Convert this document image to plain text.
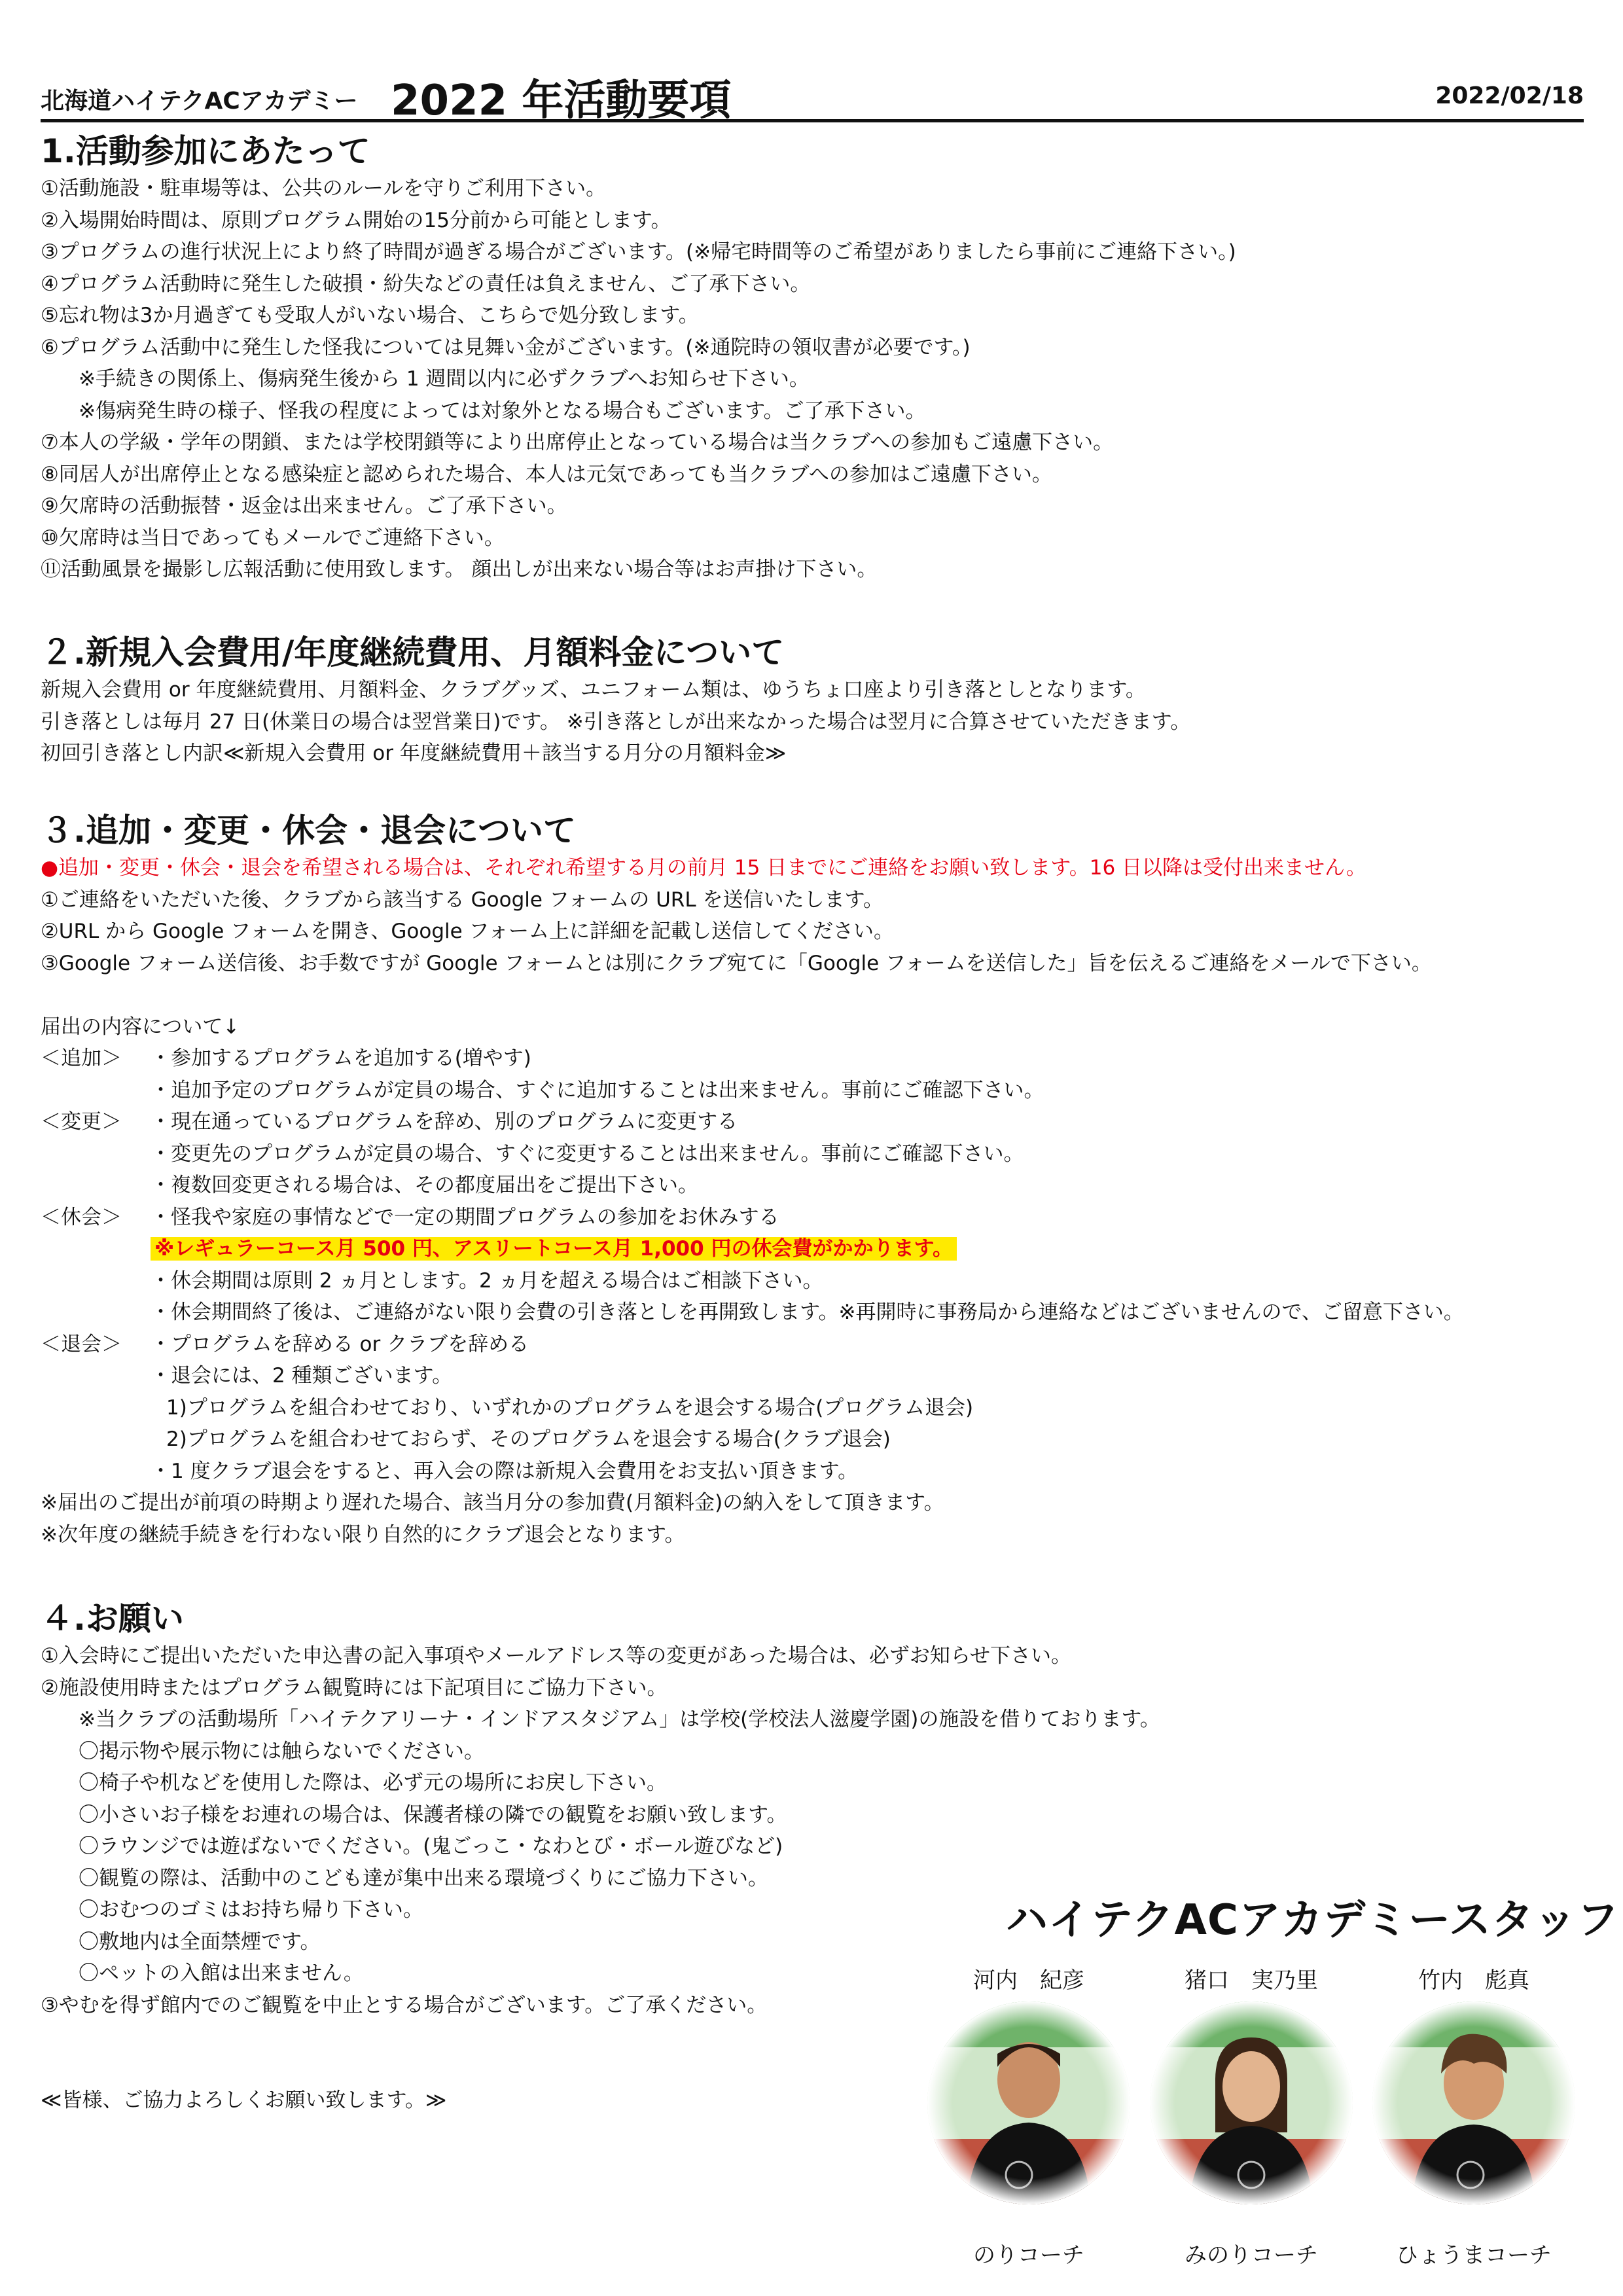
北海道ハイテクACアカデミー 2022 年活動要項	2022/02/18
1.活動参加にあたって

①活動施設・駐車場等は、公共のルールを守りご利用下さい。

②入場開始時間は、原則プログラム開始の15分前から可能とします。

③プログラムの進行状況上により終了時間が過ぎる場合がございます。(※帰宅時間等のご希望がありましたら事前にご連絡下さい。)

④プログラム活動時に発生した破損・紛失などの責任は負えません、ご了承下さい。

⑤忘れ物は3か月過ぎても受取人がいない場合、こちらで処分致します。

⑥プログラム活動中に発生した怪我については見舞い金がございます。(※通院時の領収書が必要です。)

※手続きの関係上、傷病発生後から 1 週間以内に必ずクラブへお知らせ下さい。

※傷病発生時の様子、怪我の程度によっては対象外となる場合もございます。ご了承下さい。

⑦本人の学級・学年の閉鎖、または学校閉鎖等により出席停止となっている場合は当クラブへの参加もご遠慮下さい。

⑧同居人が出席停止となる感染症と認められた場合、本人は元気であっても当クラブへの参加はご遠慮下さい。

⑨欠席時の活動振替・返金は出来ません。ご了承下さい。

⑩欠席時は当日であってもメールでご連絡下さい。

⑪活動風景を撮影し広報活動に使用致します。 顔出しが出来ない場合等はお声掛け下さい。

２.新規入会費用/年度継続費用、月額料金について

新規入会費用 or 年度継続費用、月額料金、クラブグッズ、ユニフォーム類は、ゆうちょ口座より引き落としとなります。

引き落としは毎月 27 日(休業日の場合は翌営業日)です。 ※引き落としが出来なかった場合は翌月に合算させていただきます。

初回引き落とし内訳≪新規入会費用 or 年度継続費用＋該当する月分の月額料金≫

３.追加・変更・休会・退会について

●追加・変更・休会・退会を希望される場合は、それぞれ希望する月の前月 15 日までにご連絡をお願い致します。16 日以降は受付出来ません。

①ご連絡をいただいた後、クラブから該当する Google フォームの URL を送信いたします。

②URL から Google フォームを開き、Google フォーム上に詳細を記載し送信してください。

③Google フォーム送信後、お手数ですが Google フォームとは別にクラブ宛てに「Google フォームを送信した」旨を伝えるご連絡をメールで下さい。

届出の内容について↓

＜追加＞	・参加するプログラムを追加する(増やす)
・追加予定のプログラムが定員の場合、すぐに追加することは出来ません。事前にご確認下さい。
＜変更＞	・現在通っているプログラムを辞め、別のプログラムに変更する
・変更先のプログラムが定員の場合、すぐに変更することは出来ません。事前にご確認下さい。
・複数回変更される場合は、その都度届出をご提出下さい。
＜休会＞	・怪我や家庭の事情などで一定の期間プログラムの参加をお休みする
※レギュラーコース月 500 円、アスリートコース月 1,000 円の休会費がかかります。
・休会期間は原則 2 ヵ月とします。2 ヵ月を超える場合はご相談下さい。
・休会期間終了後は、ご連絡がない限り会費の引き落としを再開致します。※再開時に事務局から連絡などはございませんので、ご留意下さい。
＜退会＞	・プログラムを辞める or クラブを辞める
・退会には、2 種類ございます。
1)プログラムを組合わせており、いずれかのプログラムを退会する場合(プログラム退会)
2)プログラムを組合わせておらず、そのプログラムを退会する場合(クラブ退会)
・1 度クラブ退会をすると、再入会の際は新規入会費用をお支払い頂きます。

※届出のご提出が前項の時期より遅れた場合、該当月分の参加費(月額料金)の納入をして頂きます。

※次年度の継続手続きを行わない限り自然的にクラブ退会となります。

４.お願い

①入会時にご提出いただいた申込書の記入事項やメールアドレス等の変更があった場合は、必ずお知らせ下さい。

②施設使用時またはプログラム観覧時には下記項目にご協力下さい。

※当クラブの活動場所「ハイテクアリーナ・インドアスタジアム」は学校(学校法人滋慶学園)の施設を借りております。

〇掲示物や展示物には触らないでください。

〇椅子や机などを使用した際は、必ず元の場所にお戻し下さい。

〇小さいお子様をお連れの場合は、保護者様の隣での観覧をお願い致します。

〇ラウンジでは遊ばないでください。(鬼ごっこ・なわとび・ボール遊びなど)

〇観覧の際は、活動中のこども達が集中出来る環境づくりにご協力下さい。

〇おむつのゴミはお持ち帰り下さい。

〇敷地内は全面禁煙です。

〇ペットの入館は出来ません。

③やむを得ず館内でのご観覧を中止とする場合がございます。ご了承ください。

≪皆様、ご協力よろしくお願い致します。≫

ハイテクACアカデミースタッフ
河内　紀彦
のりコーチ
猪口　実乃里
みのりコーチ
竹内　彪真
ひょうまコーチ
